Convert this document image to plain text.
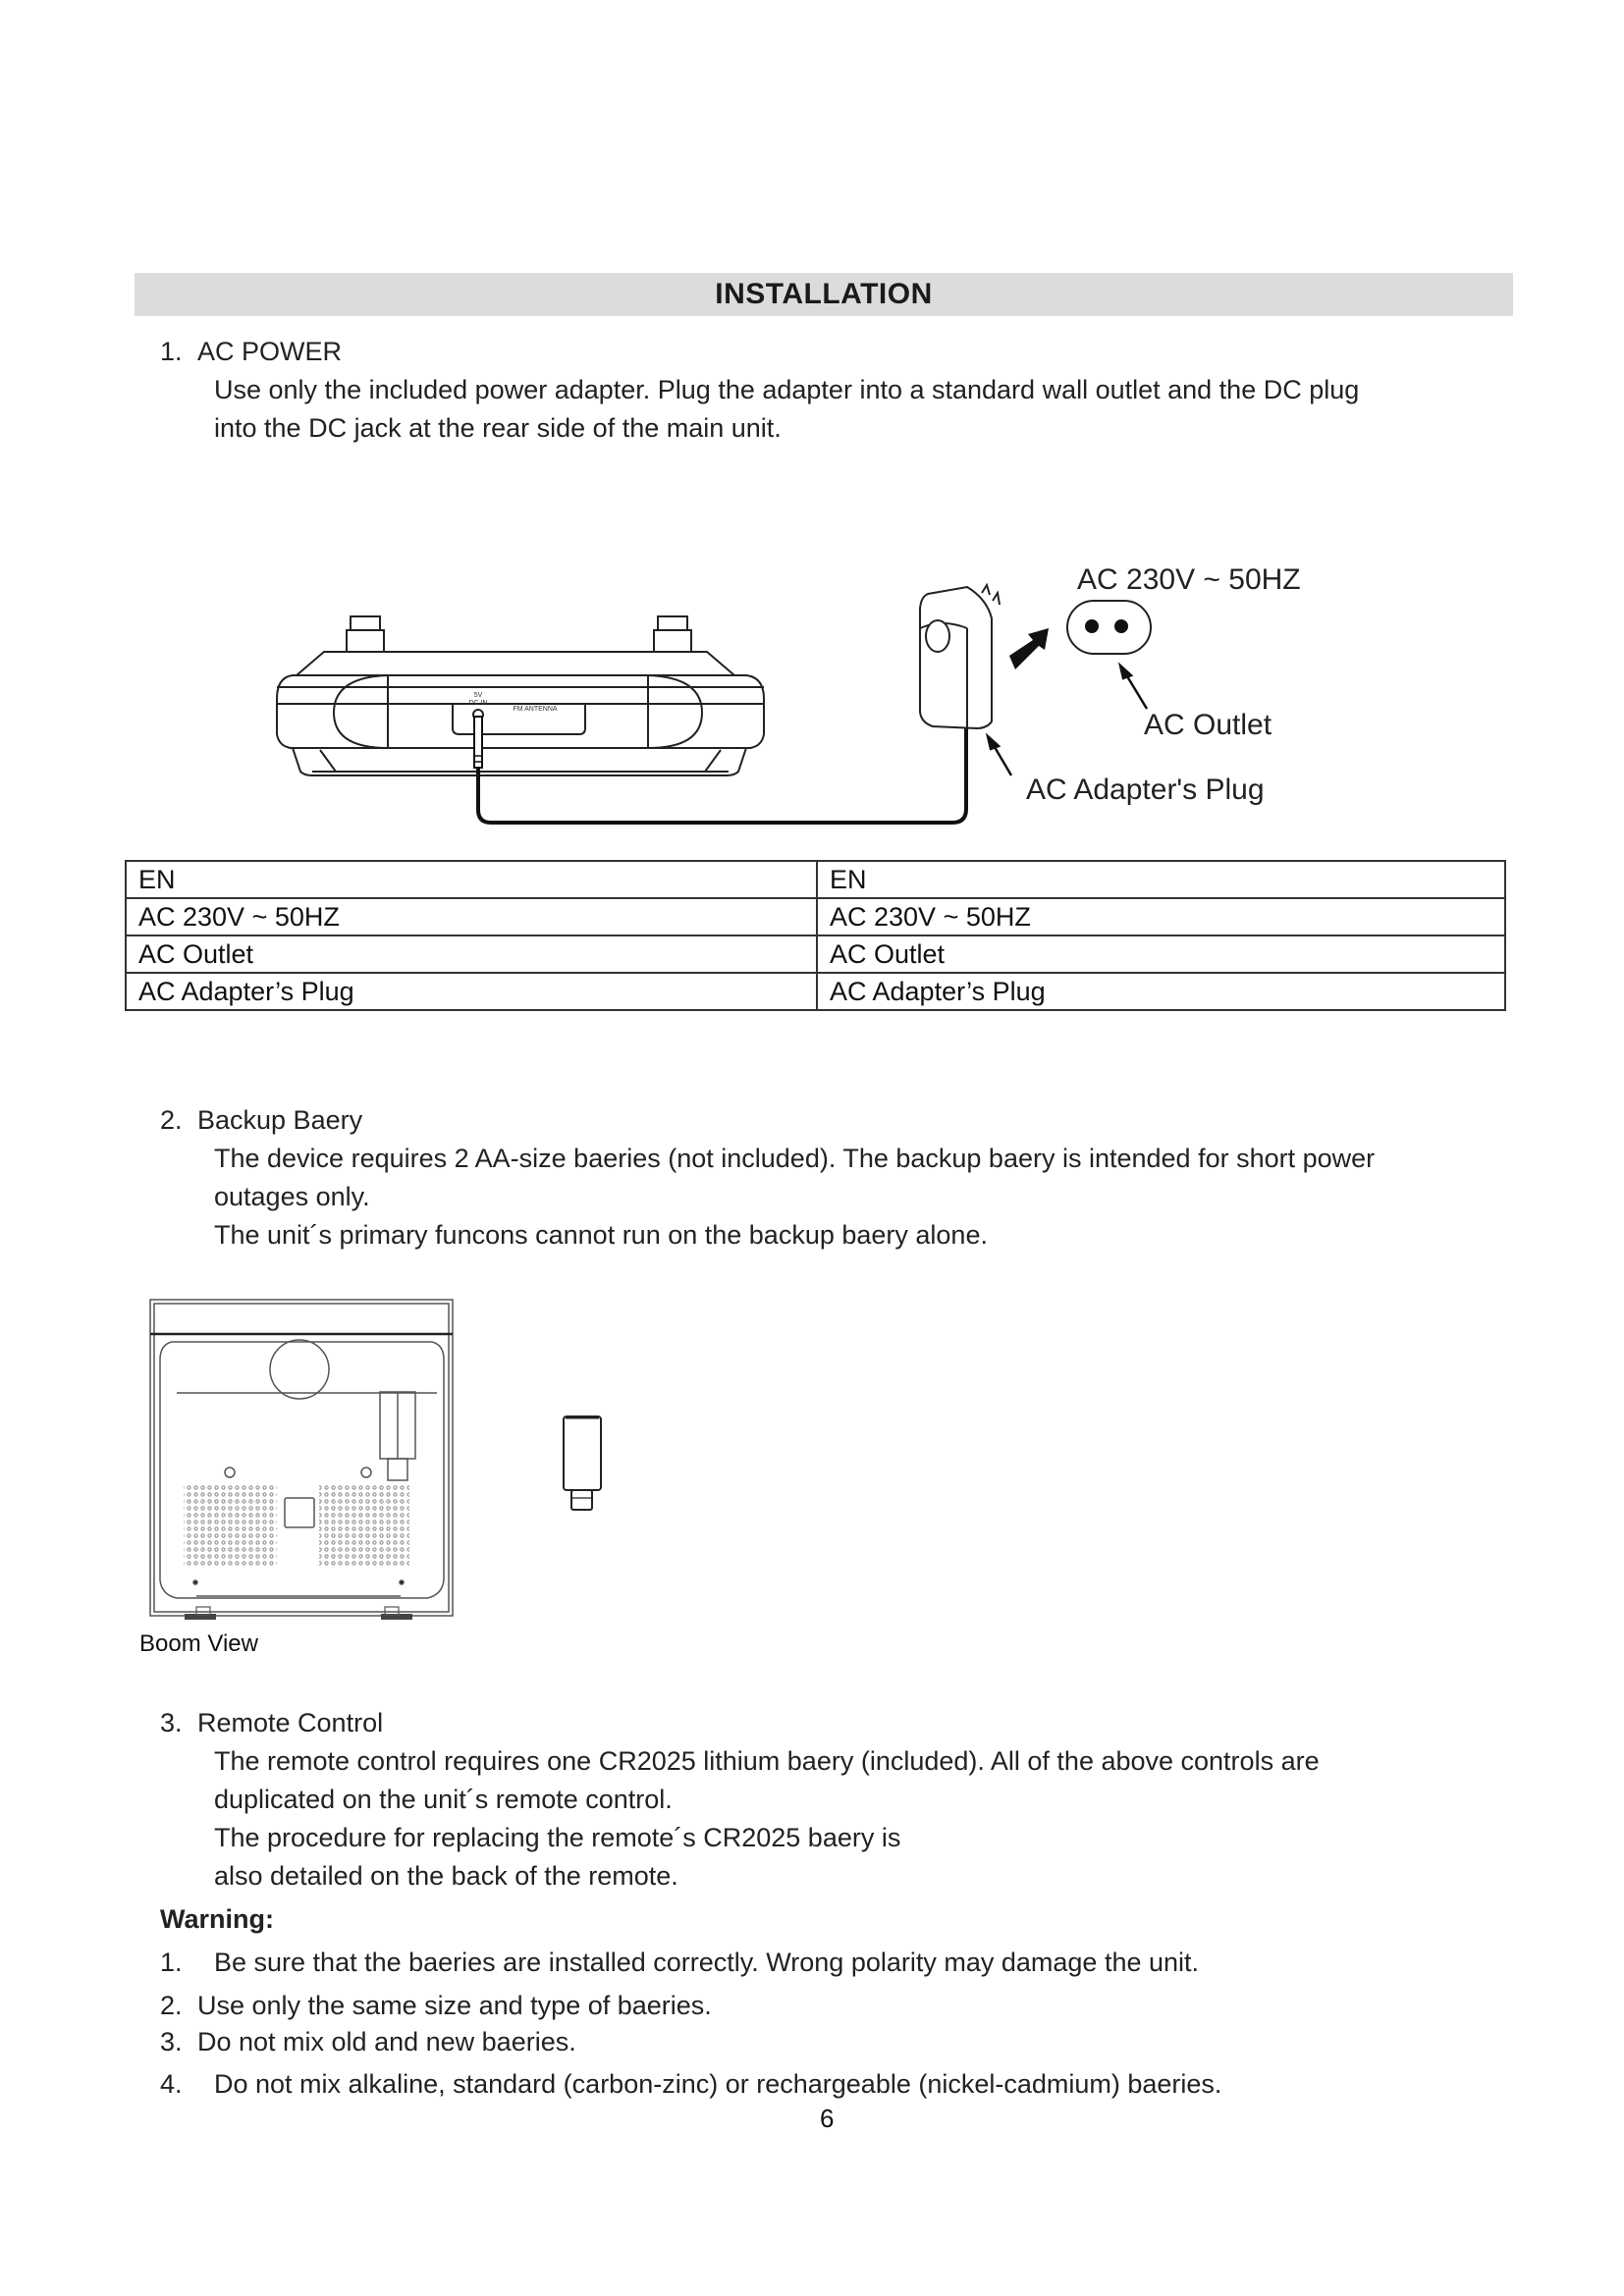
INSTALLATION
1. AC POWER
Use only the included power adapter. Plug the adapter into a standard wall outlet and the DC plug
into the DC jack at the rear side of the main unit.
5V
DC IN
FM ANTENNA
AC 230V ~ 50HZ
AC Outlet
AC Adapter's Plug
EN	EN
AC 230V ~ 50HZ	AC 230V ~ 50HZ
AC Outlet	AC Outlet
AC Adapter’s Plug	AC Adapter’s Plug
2. Backup Baery
The device requires 2 AA-size baeries (not included). The backup baery is intended for short power
outages only.
The unit´s primary funcons cannot run on the backup baery alone.
Boom View
3. Remote Control
The remote control requires one CR2025 lithium baery (included). All of the above controls are
duplicated on the unit´s remote control.
The procedure for replacing the remote´s CR2025 baery is
also detailed on the back of the remote.
Warning:
1. Be sure that the baeries are installed correctly. Wrong polarity may damage the unit.
2. Use only the same size and type of baeries.
3. Do not mix old and new baeries.
4. Do not mix alkaline, standard (carbon-zinc) or rechargeable (nickel-cadmium) baeries.
6
